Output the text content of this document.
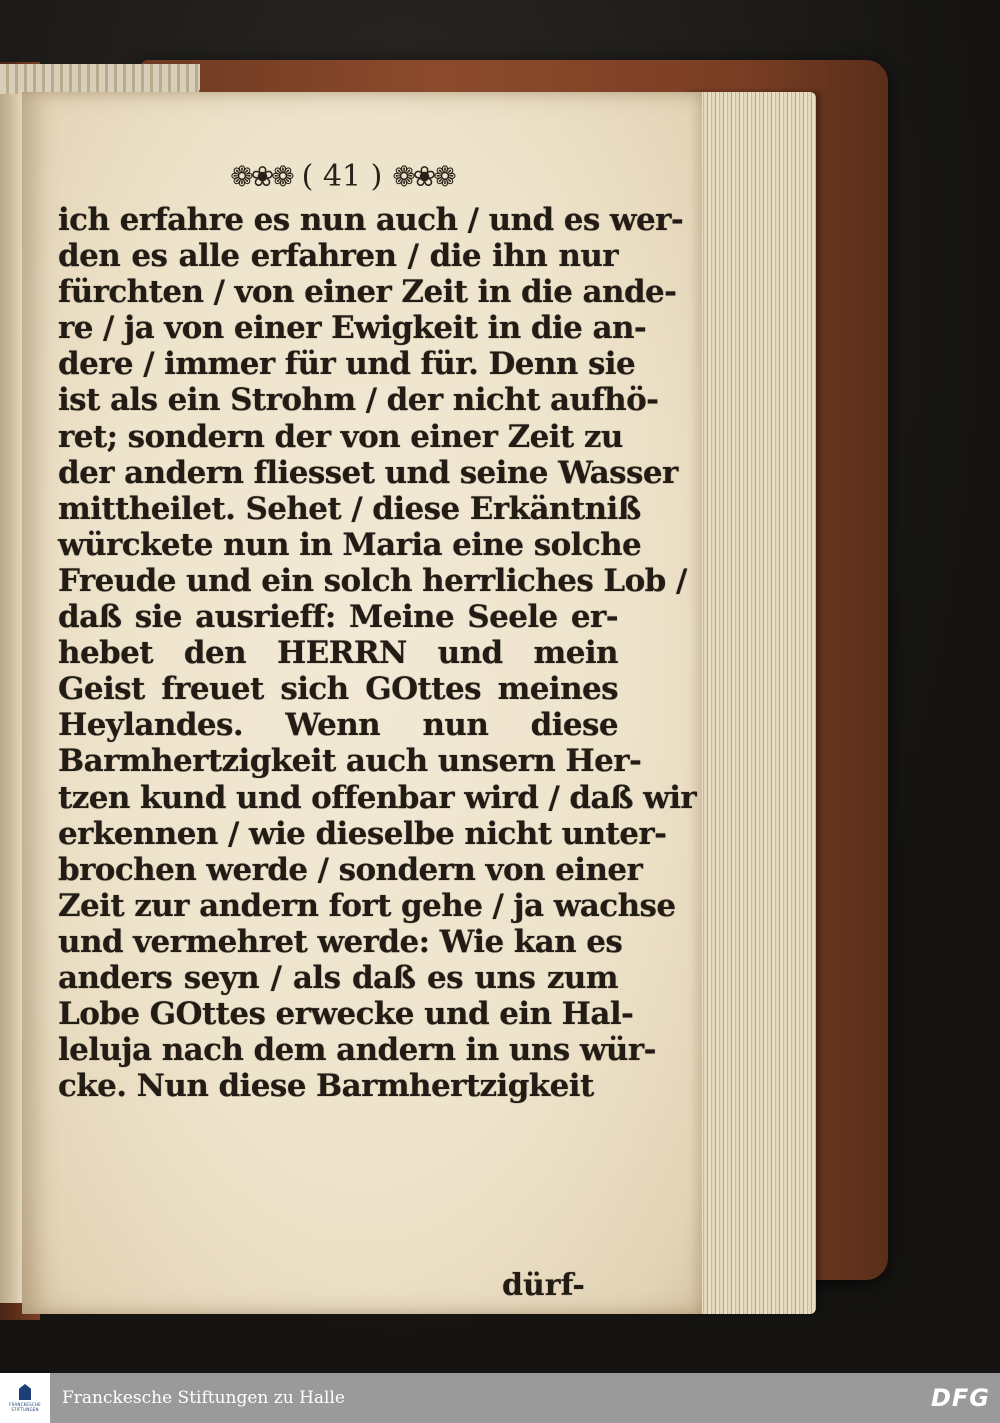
❁❀❁ ( 41 ) ❁❀❁
ich erfahre es nun auch / und es wer-
den es alle erfahren / die ihn nur
fürchten / von einer Zeit in die ande-
re / ja von einer Ewigkeit in die an-
dere / immer für und für. Denn sie
ist als ein Strohm / der nicht aufhö-
ret; sondern der von einer Zeit zu
der andern fliesset und seine Wasser
mittheilet. Sehet / diese Erkäntniß
würckete nun in Maria eine solche
Freude und ein solch herrliches Lob /
daß sie ausrieff: Meine Seele er-
hebet den HERRN und mein
Geist freuet sich GOttes meines
Heylandes. Wenn nun diese
Barmhertzigkeit auch unsern Her-
tzen kund und offenbar wird / daß wir
erkennen / wie dieselbe nicht unter-
brochen werde / sondern von einer
Zeit zur andern fort gehe / ja wachse
und vermehret werde: Wie kan es
anders seyn / als daß es uns zum
Lobe GOttes erwecke und ein Hal-
leluja nach dem andern in uns wür-
cke. Nun diese Barmhertzigkeit
dürf-
FRANCKESCHE STIFTUNGEN
Franckesche Stiftungen zu Halle	DFG
